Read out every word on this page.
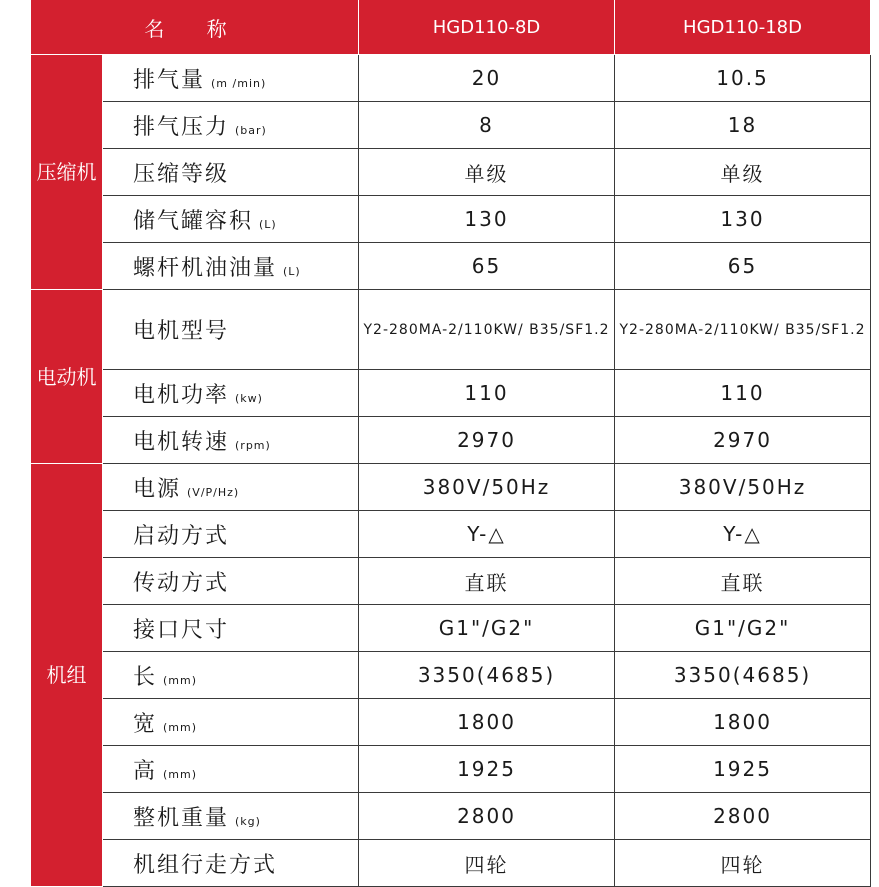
名 称		HGD110-8D	HGD110-18D
压缩机	排气量 (m /min)	20	10.5
	排气压力 (bar)	8	18
	压缩等级	单级	单级
	储气罐容积 (L)	130	130
	螺杆机油油量 (L)	65	65
电动机	电机型号	Y2-280MA-2/110KW/ B35/SF1.2	Y2-280MA-2/110KW/ B35/SF1.2
	电机功率 (kw)	110	110
	电机转速 (rpm)	2970	2970
机组	电源 (V/P/Hz)	380V/50Hz	380V/50Hz
	启动方式	Y-△	Y-△
	传动方式	直联	直联
	接口尺寸	G1"/G2"	G1"/G2"
	长 (mm)	3350(4685)	3350(4685)
	宽 (mm)	1800	1800
	高 (mm)	1925	1925
	整机重量 (kg)	2800	2800
	机组行走方式	四轮	四轮
